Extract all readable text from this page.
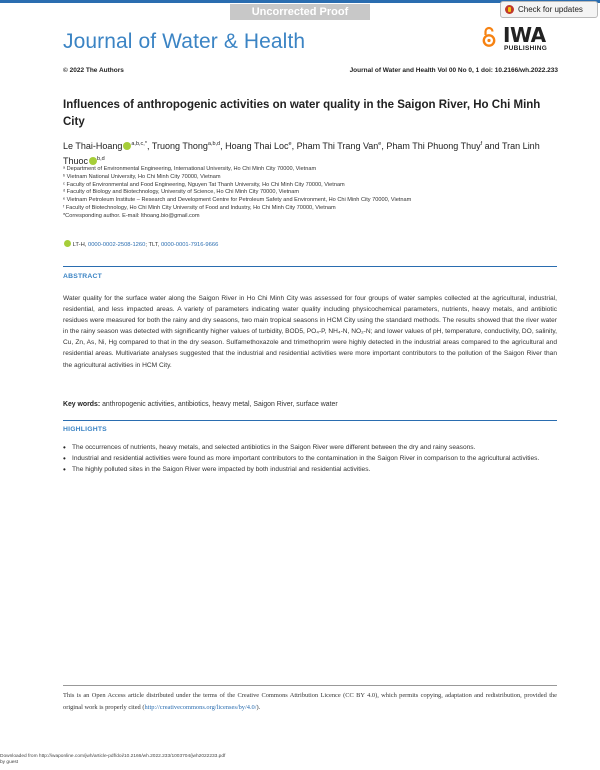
Uncorrected Proof	Check for updates
Journal of Water & Health	IWA
PUBLISHING
© 2022 The Authors	Journal of Water and Health Vol 00 No 0, 1 doi: 10.2166/wh.2022.233
Influences of anthropogenic activities on water quality in the Saigon River, Ho Chi Minh City
Le Thai-Hoang $^{a,b,c,*}$, Truong Thong$^{a,b,d}$, Hoang Thai Loc$^e$, Pham Thi Trang Van$^e$, Pham Thi Phuong Thuy$^f$ and Tran Linh Thuoc $^{b,d}$
ᵃ Department of Environmental Engineering, International University, Ho Chi Minh City 70000, Vietnam
ᵇ Vietnam National University, Ho Chi Minh City 70000, Vietnam
ᶜ Faculty of Environmental and Food Engineering, Nguyen Tat Thanh University, Ho Chi Minh City 70000, Vietnam
ᵈ Faculty of Biology and Biotechnology, University of Science, Ho Chi Minh City 70000, Vietnam
ᵉ Vietnam Petroleum Institute – Research and Development Centre for Petroleum Safety and Environment, Ho Chi Minh City 70000, Vietnam
ᶠ Faculty of Biotechnology, Ho Chi Minh City University of Food and Industry, Ho Chi Minh City 70000, Vietnam
*Corresponding author. E-mail: lthoang.bio@gmail.com
LT-H, 0000-0002-2508-1260; TLT, 0000-0001-7916-9666
ABSTRACT
Water quality for the surface water along the Saigon River in Ho Chi Minh City was assessed for four groups of water samples collected at the agricultural, industrial, residential, and less impacted areas. A variety of parameters indicating water quality including physicochemical parameters, nutrients, heavy metals, and antibiotic residues were measured for both the rainy and dry seasons, two main tropical seasons in HCM City using the standard methods. The results showed that the river water in the rainy season was detected with significantly higher values of turbidity, BOD5, PO₄-P, NH₄-N, NO₂-N; and lower values of pH, temperature, conductivity, DO, salinity, Cu, Zn, As, Ni, Hg compared to that in the dry season. Sulfamethoxazole and trimethoprim were highly detected in the industrial areas compared to the agricultural and residential areas. Multivariate analyses suggested that the industrial and residential activities were more important contributors to the pollution of the Saigon River than the agricultural activities in HCM City.
Key words: anthropogenic activities, antibiotics, heavy metal, Saigon River, surface water
HIGHLIGHTS
• The occurrences of nutrients, heavy metals, and selected antibiotics in the Saigon River were different between the dry and rainy seasons.
• Industrial and residential activities were found as more important contributors to the contamination in the Saigon River in comparison to the agricultural activities.
• The highly polluted sites in the Saigon River were impacted by both industrial and residential activities.
This is an Open Access article distributed under the terms of the Creative Commons Attribution Licence (CC BY 4.0), which permits copying, adaptation and redistribution, provided the original work is properly cited (http://creativecommons.org/licenses/by/4.0/).
Downloaded from http://iwaponline.com/jwh/article-pdf/doi/10.2166/wh.2022.233/1003704/jwh2022233.pdf
by guest
